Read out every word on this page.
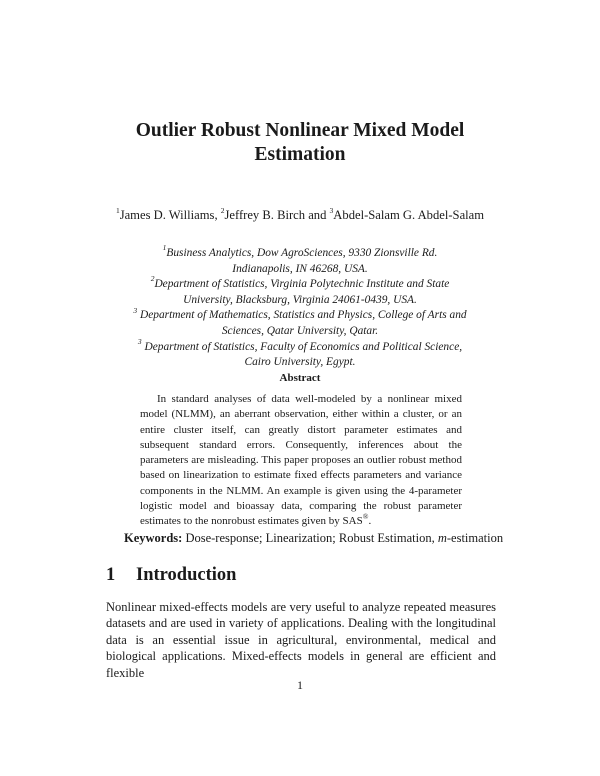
Outlier Robust Nonlinear Mixed Model
Estimation
$^1$James D. Williams, $^2$Jeffrey B. Birch and $^3$Abdel-Salam G. Abdel-Salam
$^1$Business Analytics, Dow AgroSciences, 9330 Zionsville Rd.
Indianapolis, IN 46268, USA.
$^2$Department of Statistics, Virginia Polytechnic Institute and State
University, Blacksburg, Virginia 24061-0439, USA.
$^3$ Department of Mathematics, Statistics and Physics, College of Arts and
Sciences, Qatar University, Qatar.
$^3$ Department of Statistics, Faculty of Economics and Political Science,
Cairo University, Egypt.
Abstract

In standard analyses of data well-modeled by a nonlinear mixed model (NLMM), an aberrant observation, either within a cluster, or an entire cluster itself, can greatly distort parameter estimates and subsequent standard errors. Consequently, inferences about the parameters are misleading. This paper proposes an outlier robust method based on linearization to estimate fixed effects parameters and variance components in the NLMM. An example is given using the 4-parameter logistic model and bioassay data, comparing the robust parameter estimates to the nonrobust estimates given by SAS®.

Keywords: Dose-response; Linearization; Robust Estimation, m-estimation
1 Introduction

Nonlinear mixed-effects models are very useful to analyze repeated measures datasets and are used in variety of applications. Dealing with the longitudinal data is an essential issue in agricultural, environmental, medical and biological applications. Mixed-effects models in general are efficient and flexible

1
